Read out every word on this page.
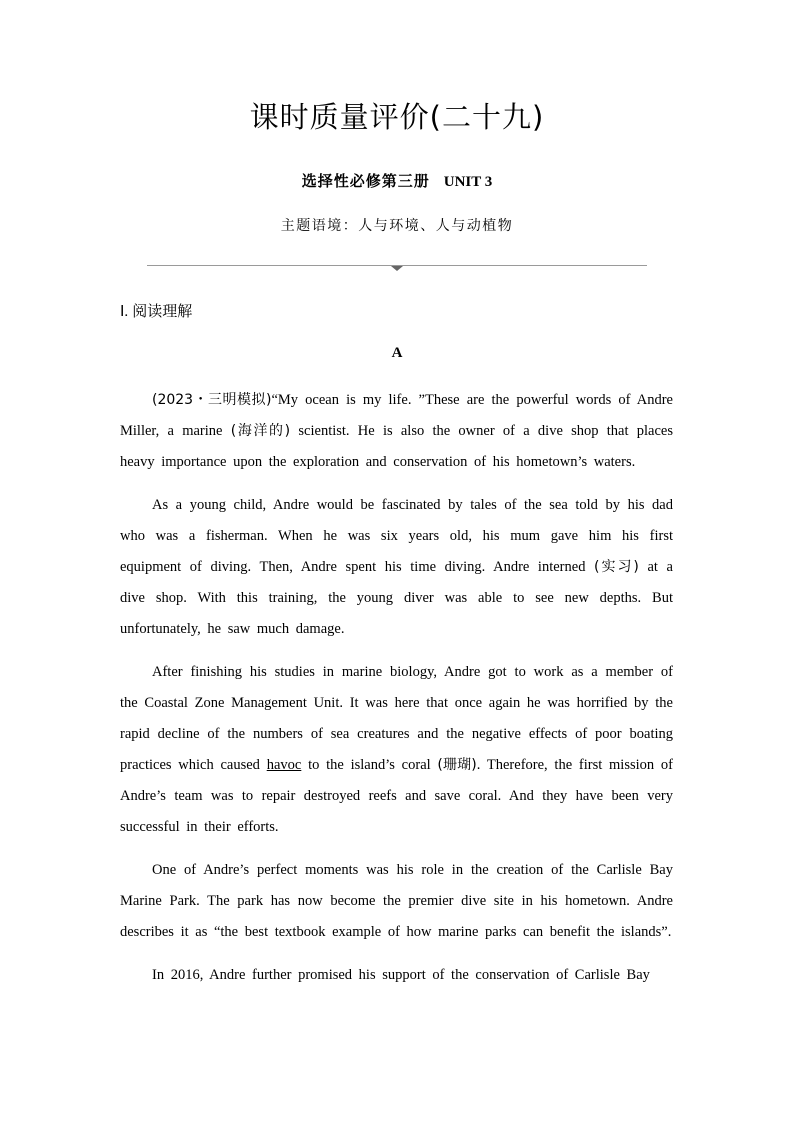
课时质量评价(二十九)
选择性必修第三册 UNIT 3
主题语境：人与环境、人与动植物
Ⅰ. 阅读理解
A

(2023・三明模拟)“My ocean is my life. ”These are the powerful words of Andre Miller, a marine (海洋的) scientist. He is also the owner of a dive shop that places heavy importance upon the exploration and conservation of his hometown’s waters.

As a young child, Andre would be fascinated by tales of the sea told by his dad who was a fisherman. When he was six years old, his mum gave him his first equipment of diving. Then, Andre spent his time diving. Andre interned (实习) at a dive shop. With this training, the young diver was able to see new depths. But unfortunately, he saw much damage.

After finishing his studies in marine biology, Andre got to work as a member of the Coastal Zone Management Unit. It was here that once again he was horrified by the rapid decline of the numbers of sea creatures and the negative effects of poor boating practices which caused havoc to the island’s coral (珊瑚). Therefore, the first mission of Andre’s team was to repair destroyed reefs and save coral. And they have been very successful in their efforts.

One of Andre’s perfect moments was his role in the creation of the Carlisle Bay Marine Park. The park has now become the premier dive site in his hometown. Andre describes it as “the best textbook example of how marine parks can benefit the islands”.

In 2016, Andre further promised his support of the conservation of Carlisle Bay
